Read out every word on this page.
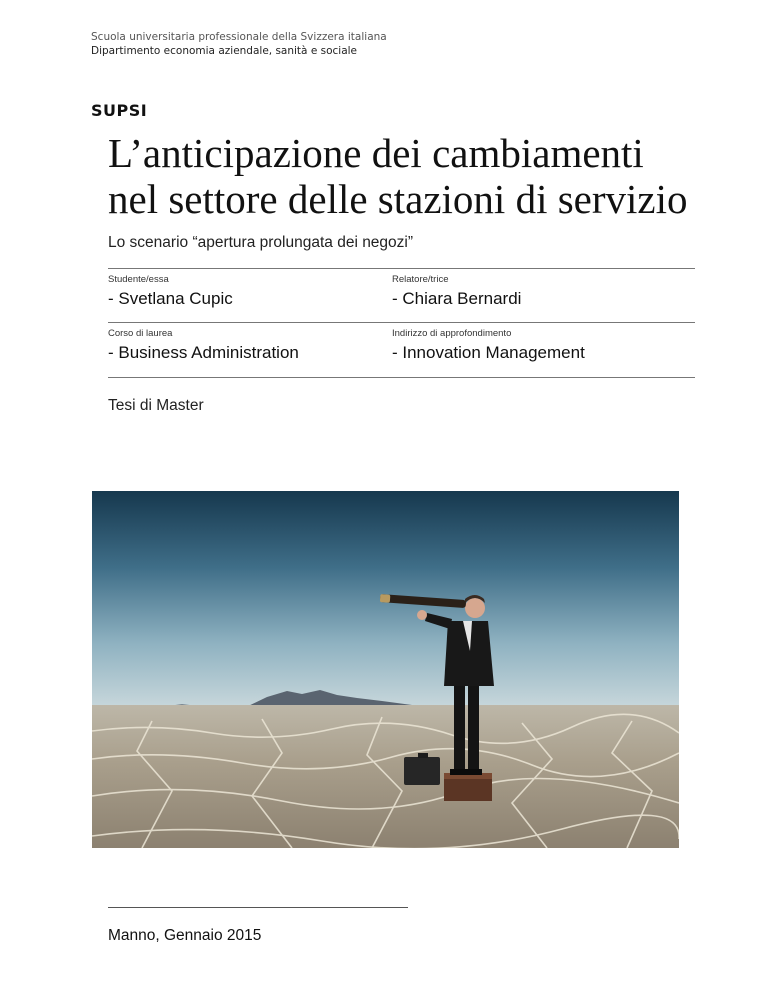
Scuola universitaria professionale della Svizzera italiana
Dipartimento economia aziendale, sanità e sociale
SUPSI
L’anticipazione dei cambiamenti
nel settore delle stazioni di servizio
Lo scenario “apertura prolungata dei negozi”
Studente/essa	Relatore/trice
- Svetlana Cupic	- Chiara Bernardi
Corso di laurea	Indirizzo di approfondimento
- Business Administration	- Innovation Management
Tesi di Master
Manno, Gennaio 2015
